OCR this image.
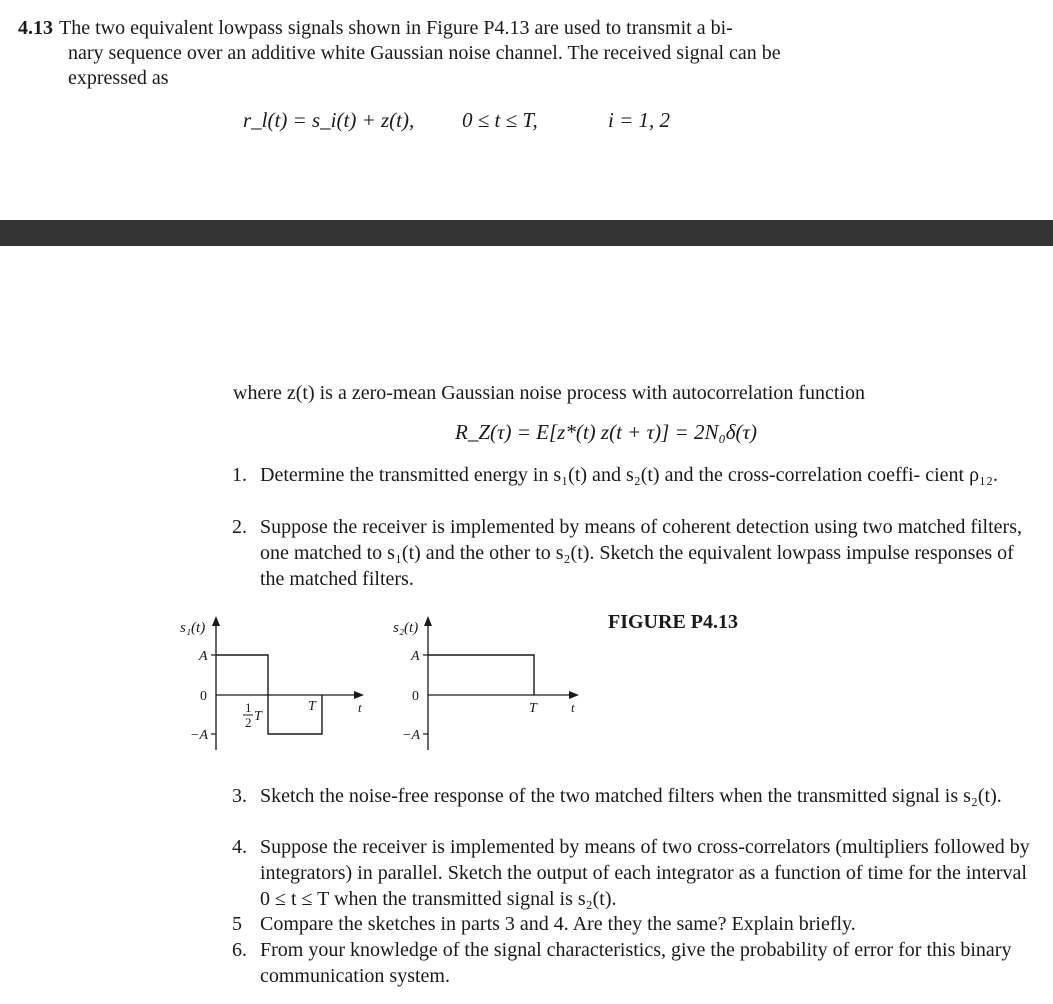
4.13 The two equivalent lowpass signals shown in Figure P4.13 are used to transmit a bi-
nary sequence over an additive white Gaussian noise channel. The received signal can be
expressed as
r_l(t) = s_i(t) + z(t), 0 ≤ t ≤ T,	i = 1, 2
where z(t) is a zero-mean Gaussian noise process with autocorrelation function
R_Z(τ) = E[z*(t) z(t + τ)] = 2N₀δ(τ)
1. Determine the transmitted energy in s₁(t) and s₂(t) and the cross-correlation coeffi- cient ρ₁₂.
2. Suppose the receiver is implemented by means of coherent detection using two matched filters, one matched to s₁(t) and the other to s₂(t). Sketch the equivalent lowpass impulse responses of the matched filters.
FIGURE P4.13
s₁(t)
A
0
−A
1
2 T
T	t
s₂(t)
A
0
−A
T	t
3. Sketch the noise-free response of the two matched filters when the transmitted signal is s₂(t).
4. Suppose the receiver is implemented by means of two cross-correlators (multipliers followed by integrators) in parallel. Sketch the output of each integrator as a function of time for the interval 0 ≤ t ≤ T when the transmitted signal is s₂(t).
5 Compare the sketches in parts 3 and 4. Are they the same? Explain briefly.
6. From your knowledge of the signal characteristics, give the probability of error for this binary communication system.
